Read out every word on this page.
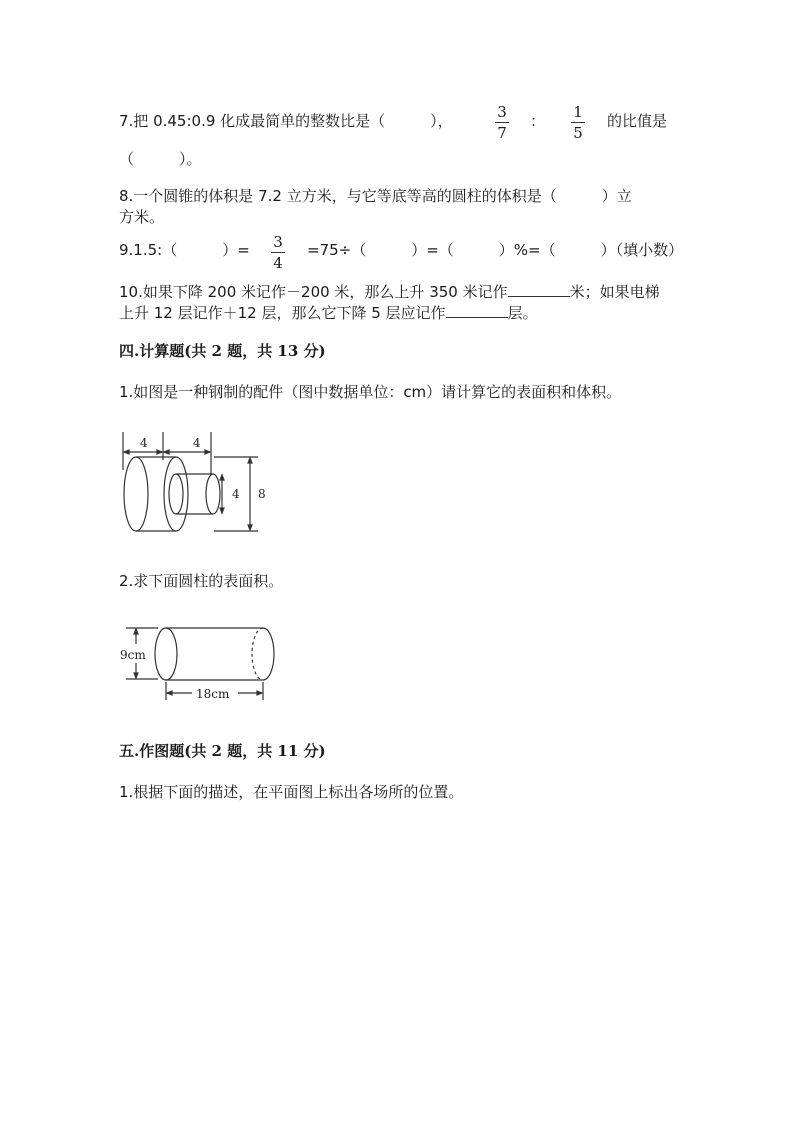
7.把 0.45:0.9 化成最简单的整数比是（　　　），	3
7
： 1
5
的比值是
（　　　）。
8.一个圆锥的体积是 7.2 立方米，与它等底等高的圆柱的体积是（　　　）立
方米。
9.1.5:（　　　）= 3
4
=75÷（　　　）=（　　　）%=（　　　）（填小数）
10.如果下降 200 米记作－200 米，那么上升 350 米记作	米；如果电梯
上升 12 层记作＋12 层，那么它下降 5 层应记作	层。
四.计算题(共 2 题，共 13 分)
1.如图是一种钢制的配件（图中数据单位：cm）请计算它的表面积和体积。
4	4
4 8
2.求下面圆柱的表面积。
9cm
18cm
五.作图题(共 2 题，共 11 分)
1.根据下面的描述，在平面图上标出各场所的位置。
